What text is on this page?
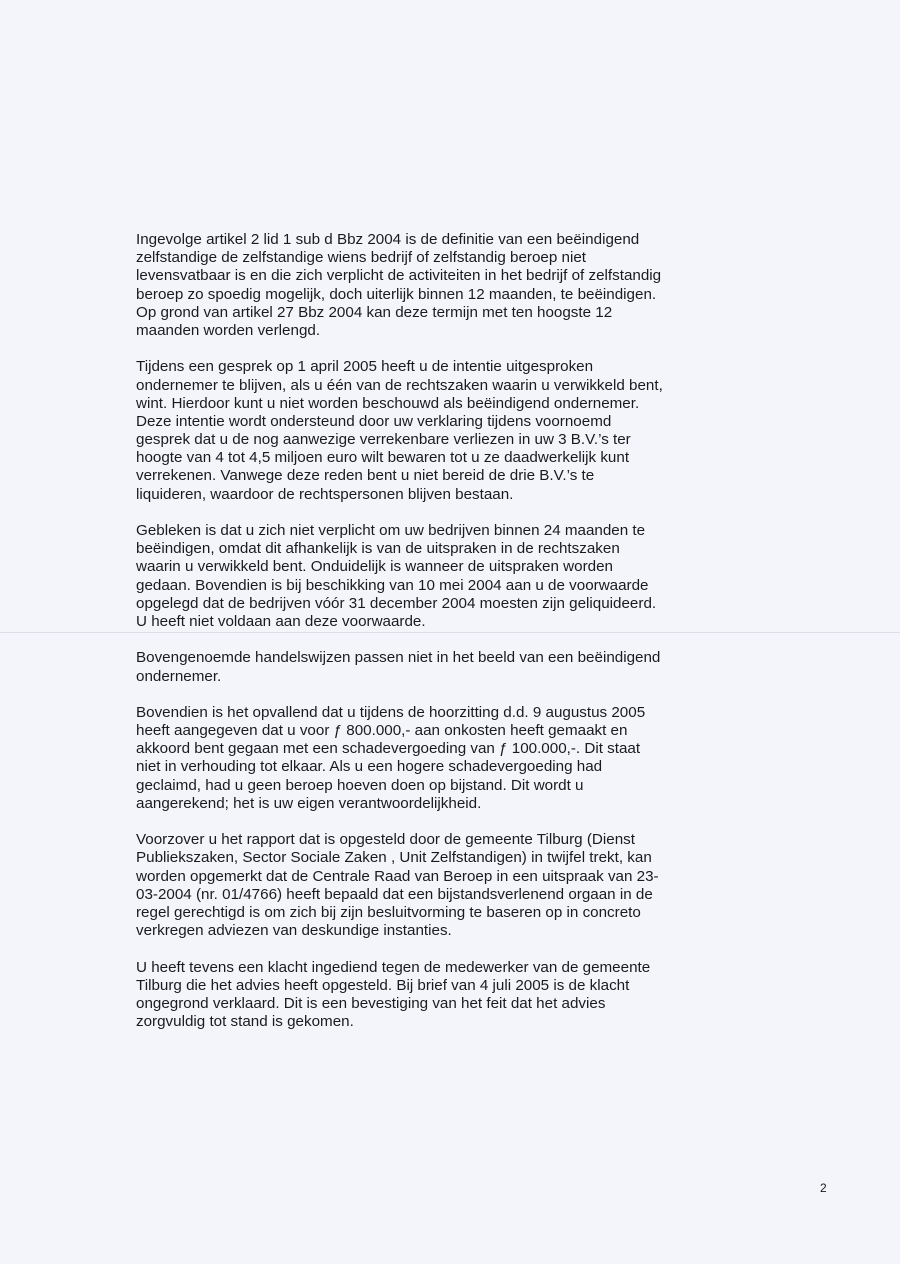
Ingevolge artikel 2 lid 1 sub d Bbz 2004 is de definitie van een beëindigend
zelfstandige de zelfstandige wiens bedrijf of zelfstandig beroep niet
levensvatbaar is en die zich verplicht de activiteiten in het bedrijf of zelfstandig
beroep zo spoedig mogelijk, doch uiterlijk binnen 12 maanden, te beëindigen.
Op grond van artikel 27 Bbz 2004 kan deze termijn met ten hoogste 12
maanden worden verlengd.
Tijdens een gesprek op 1 april 2005 heeft u de intentie uitgesproken
ondernemer te blijven, als u één van de rechtszaken waarin u verwikkeld bent,
wint. Hierdoor kunt u niet worden beschouwd als beëindigend ondernemer.
Deze intentie wordt ondersteund door uw verklaring tijdens voornoemd
gesprek dat u de nog aanwezige verrekenbare verliezen in uw 3 B.V.’s ter
hoogte van 4 tot 4,5 miljoen euro wilt bewaren tot u ze daadwerkelijk kunt
verrekenen. Vanwege deze reden bent u niet bereid de drie B.V.’s te
liquideren, waardoor de rechtspersonen blijven bestaan.
Gebleken is dat u zich niet verplicht om uw bedrijven binnen 24 maanden te
beëindigen, omdat dit afhankelijk is van de uitspraken in de rechtszaken
waarin u verwikkeld bent. Onduidelijk is wanneer de uitspraken worden
gedaan. Bovendien is bij beschikking van 10 mei 2004 aan u de voorwaarde
opgelegd dat de bedrijven vóór 31 december 2004 moesten zijn geliquideerd.
U heeft niet voldaan aan deze voorwaarde.
Bovengenoemde handelswijzen passen niet in het beeld van een beëindigend
ondernemer.
Bovendien is het opvallend dat u tijdens de hoorzitting d.d. 9 augustus 2005
heeft aangegeven dat u voor ƒ 800.000,- aan onkosten heeft gemaakt en
akkoord bent gegaan met een schadevergoeding van ƒ 100.000,-. Dit staat
niet in verhouding tot elkaar. Als u een hogere schadevergoeding had
geclaimd, had u geen beroep hoeven doen op bijstand. Dit wordt u
aangerekend; het is uw eigen verantwoordelijkheid.
Voorzover u het rapport dat is opgesteld door de gemeente Tilburg (Dienst
Publiekszaken, Sector Sociale Zaken , Unit Zelfstandigen) in twijfel trekt, kan
worden opgemerkt dat de Centrale Raad van Beroep in een uitspraak van 23-
03-2004 (nr. 01/4766) heeft bepaald dat een bijstandsverlenend orgaan in de
regel gerechtigd is om zich bij zijn besluitvorming te baseren op in concreto
verkregen adviezen van deskundige instanties.
U heeft tevens een klacht ingediend tegen de medewerker van de gemeente
Tilburg die het advies heeft opgesteld. Bij brief van 4 juli 2005 is de klacht
ongegrond verklaard. Dit is een bevestiging van het feit dat het advies
zorgvuldig tot stand is gekomen.
2
